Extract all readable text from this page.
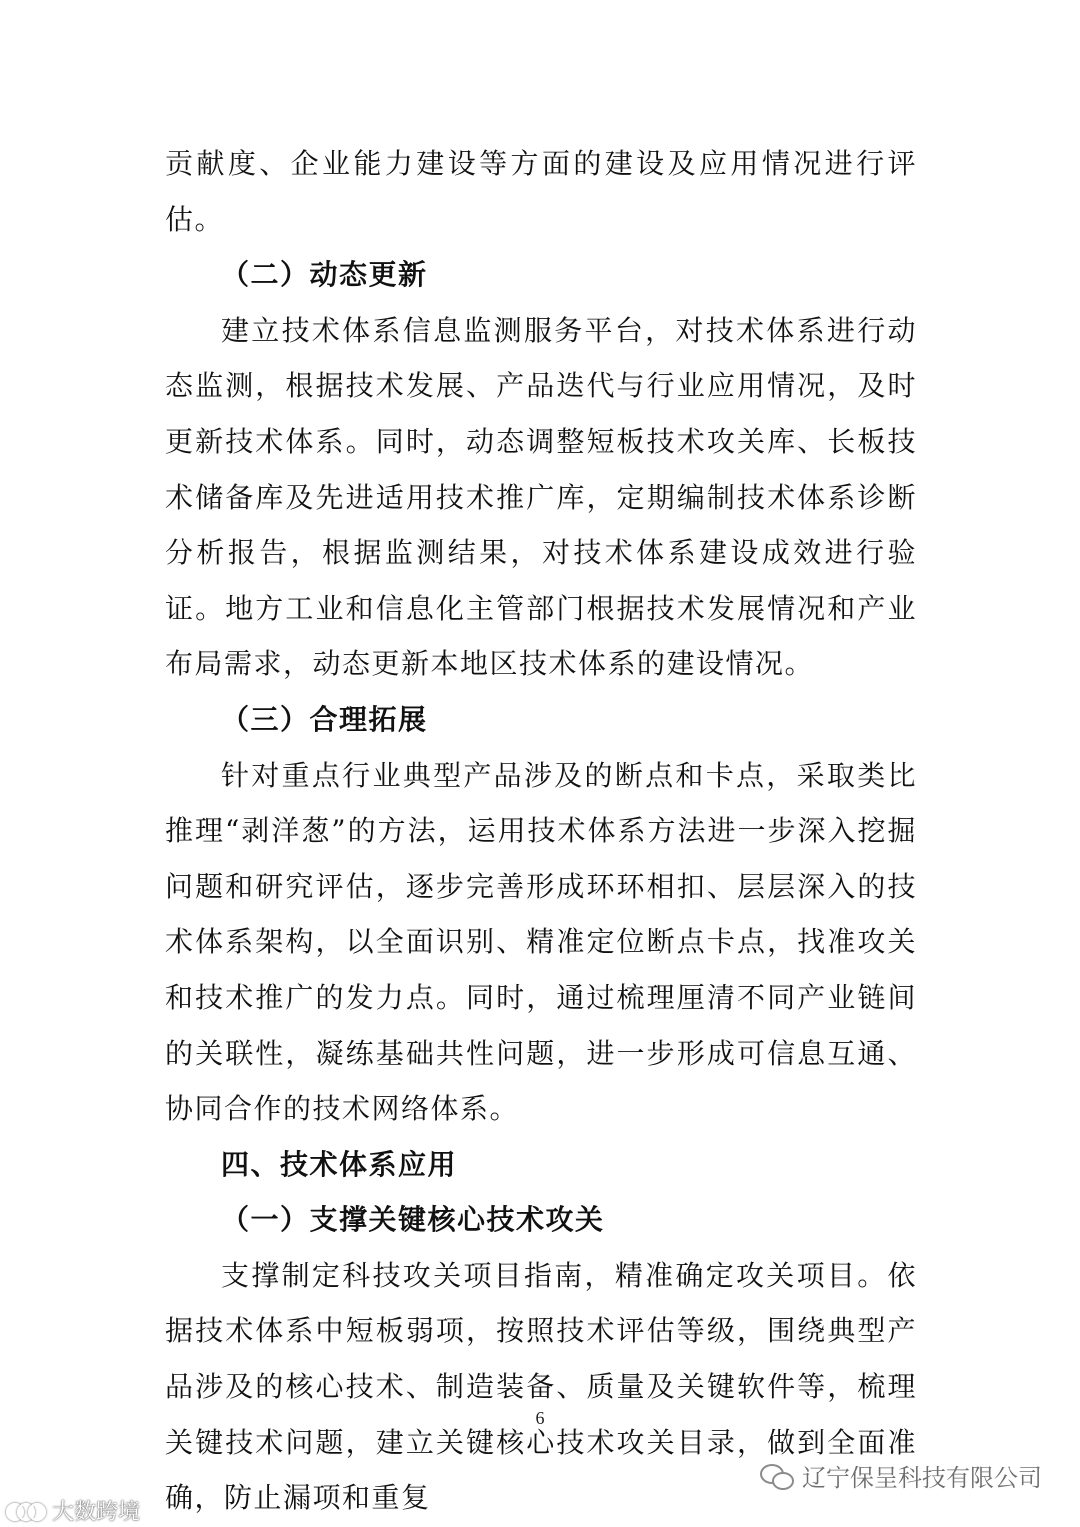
贡献度、企业能力建设等方面的建设及应用情况进行评估。

（二）动态更新

建立技术体系信息监测服务平台，对技术体系进行动态监测，根据技术发展、产品迭代与行业应用情况，及时更新技术体系。同时，动态调整短板技术攻关库、长板技术储备库及先进适用技术推广库，定期编制技术体系诊断分析报告，根据监测结果，对技术体系建设成效进行验证。地方工业和信息化主管部门根据技术发展情况和产业布局需求，动态更新本地区技术体系的建设情况。

（三）合理拓展

针对重点行业典型产品涉及的断点和卡点，采取类比推理“剥洋葱”的方法，运用技术体系方法进一步深入挖掘问题和研究评估，逐步完善形成环环相扣、层层深入的技术体系架构，以全面识别、精准定位断点卡点，找准攻关和技术推广的发力点。同时，通过梳理厘清不同产业链间的关联性，凝练基础共性问题，进一步形成可信息互通、协同合作的技术网络体系。

四、技术体系应用
（一）支撑关键核心技术攻关

支撑制定科技攻关项目指南，精准确定攻关项目。依据技术体系中短板弱项，按照技术评估等级，围绕典型产品涉及的核心技术、制造装备、质量及关键软件等，梳理关键技术问题，建立关键核心技术攻关目录，做到全面准确，防止漏项和重复

6
辽宁保呈科技有限公司
大数跨境
